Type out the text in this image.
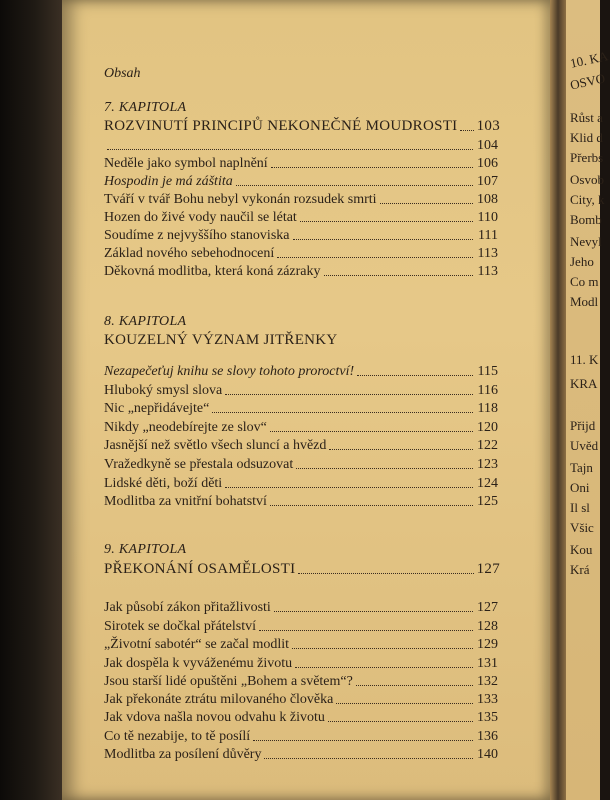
10. KA
OSVO
Růst a
Klid d
Přerbs
Osvob
City, k
Bomb
Nevyl
Jeho
Co m
Modl
11. K
KRA
Přijd
Uvěd
Tajn
Oni
Il sl
Všic
Kou
Krá
Obsah
7. KAPITOLA
ROZVINUTÍ PRINCIPŮ NEKONEČNÉ MOUDROSTI 103
104
Neděle jako symbol naplnění	106
Hospodin je má záštita	107
Tváří v tvář Bohu nebyl vykonán rozsudek smrti	108
Hozen do živé vody naučil se létat	110
Soudíme z nejvyššího stanoviska	111
Základ nového sebehodnocení	113
Děkovná modlitba, která koná zázraky	113
8. KAPITOLA
KOUZELNÝ VÝZNAM JITŘENKY
Nezapečeťuj knihu se slovy tohoto proroctví!	115
Hluboký smysl slova	116
Nic „nepřidávejte“	118
Nikdy „neodebírejte ze slov“	120
Jasnější než světlo všech sluncí a hvězd	122
Vražedkyně se přestala odsuzovat	123
Lidské děti, boží děti	124
Modlitba za vnitřní bohatství	125
9. KAPITOLA
PŘEKONÁNÍ OSAMĚLOSTI	127
Jak působí zákon přitažlivosti	127
Sirotek se dočkal přátelství	128
„Životní sabotér“ se začal modlit	129
Jak dospěla k vyváženému životu	131
Jsou starší lidé opuštěni „Bohem a světem“?	132
Jak překonáte ztrátu milovaného člověka	133
Jak vdova našla novou odvahu k životu	135
Co tě nezabije, to tě posílí	136
Modlitba za posílení důvěry	140
